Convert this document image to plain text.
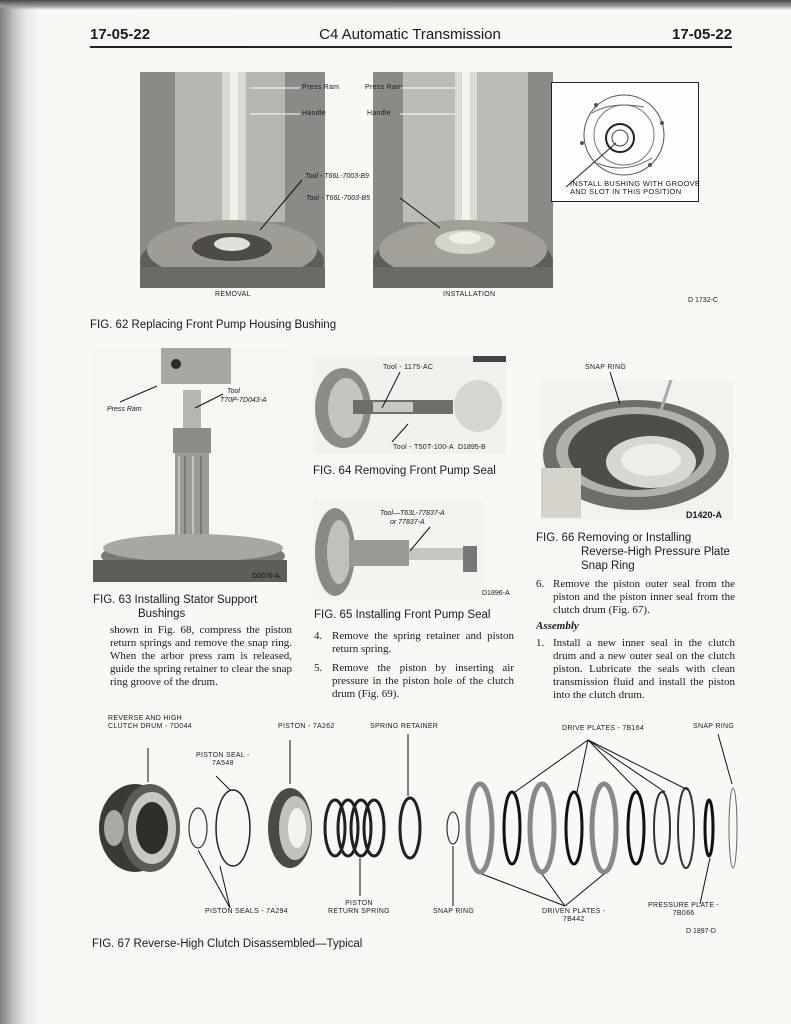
17-05-22	C4 Automatic Transmission	17-05-22
Press Ram
Handle
Press Ram
Handle
Tool - T66L-7003-B9
Tool - T66L-7003-B5
REMOVAL	INSTALLATION
INSTALL BUSHING WITH GROOVE
AND SLOT IN THIS POSITION
D 1732-C
FIG. 62 Replacing Front Pump Housing Bushing
Tool
T70P-7D043-A
Press Ram
D2076-A
FIG. 63 Installing Stator Support
Bushings
Tool - 1175-AC
Tool - T50T-100-A D1895-B
FIG. 64 Removing Front Pump Seal
Tool—T63L-77837-A
or 77837-A
D1896-A
FIG. 65 Installing Front Pump Seal
SNAP RING
D1420-A
FIG. 66 Removing or Installing
Reverse-High Pressure Plate
Snap Ring
shown in Fig. 68, compress the piston return springs and remove the snap ring. When the arbor press ram is released, guide the spring retainer to clear the snap ring groove of the drum.
4. Remove the spring retainer and piston return spring.
5. Remove the piston by inserting air pressure in the piston hole of the clutch drum (Fig. 69).
6. Remove the piston outer seal from the piston and the piston inner seal from the clutch drum (Fig. 67).
Assembly
1. Install a new inner seal in the clutch drum and a new outer seal on the clutch piston. Lubricate the seals with clean transmission fluid and install the piston into the clutch drum.
REVERSE AND HIGH
CLUTCH DRUM - 7D044	PISTON - 7A262	SPRING RETAINER	DRIVE PLATES - 7B164	SNAP RING
PISTON SEAL -
7A548
PISTON SEALS - 7A294
PISTON
RETURN SPRING	SNAP RING	DRIVEN PLATES -
7B442
PRESSURE PLATE -
7B066
D 1897-D
FIG. 67 Reverse-High Clutch Disassembled—Typical
